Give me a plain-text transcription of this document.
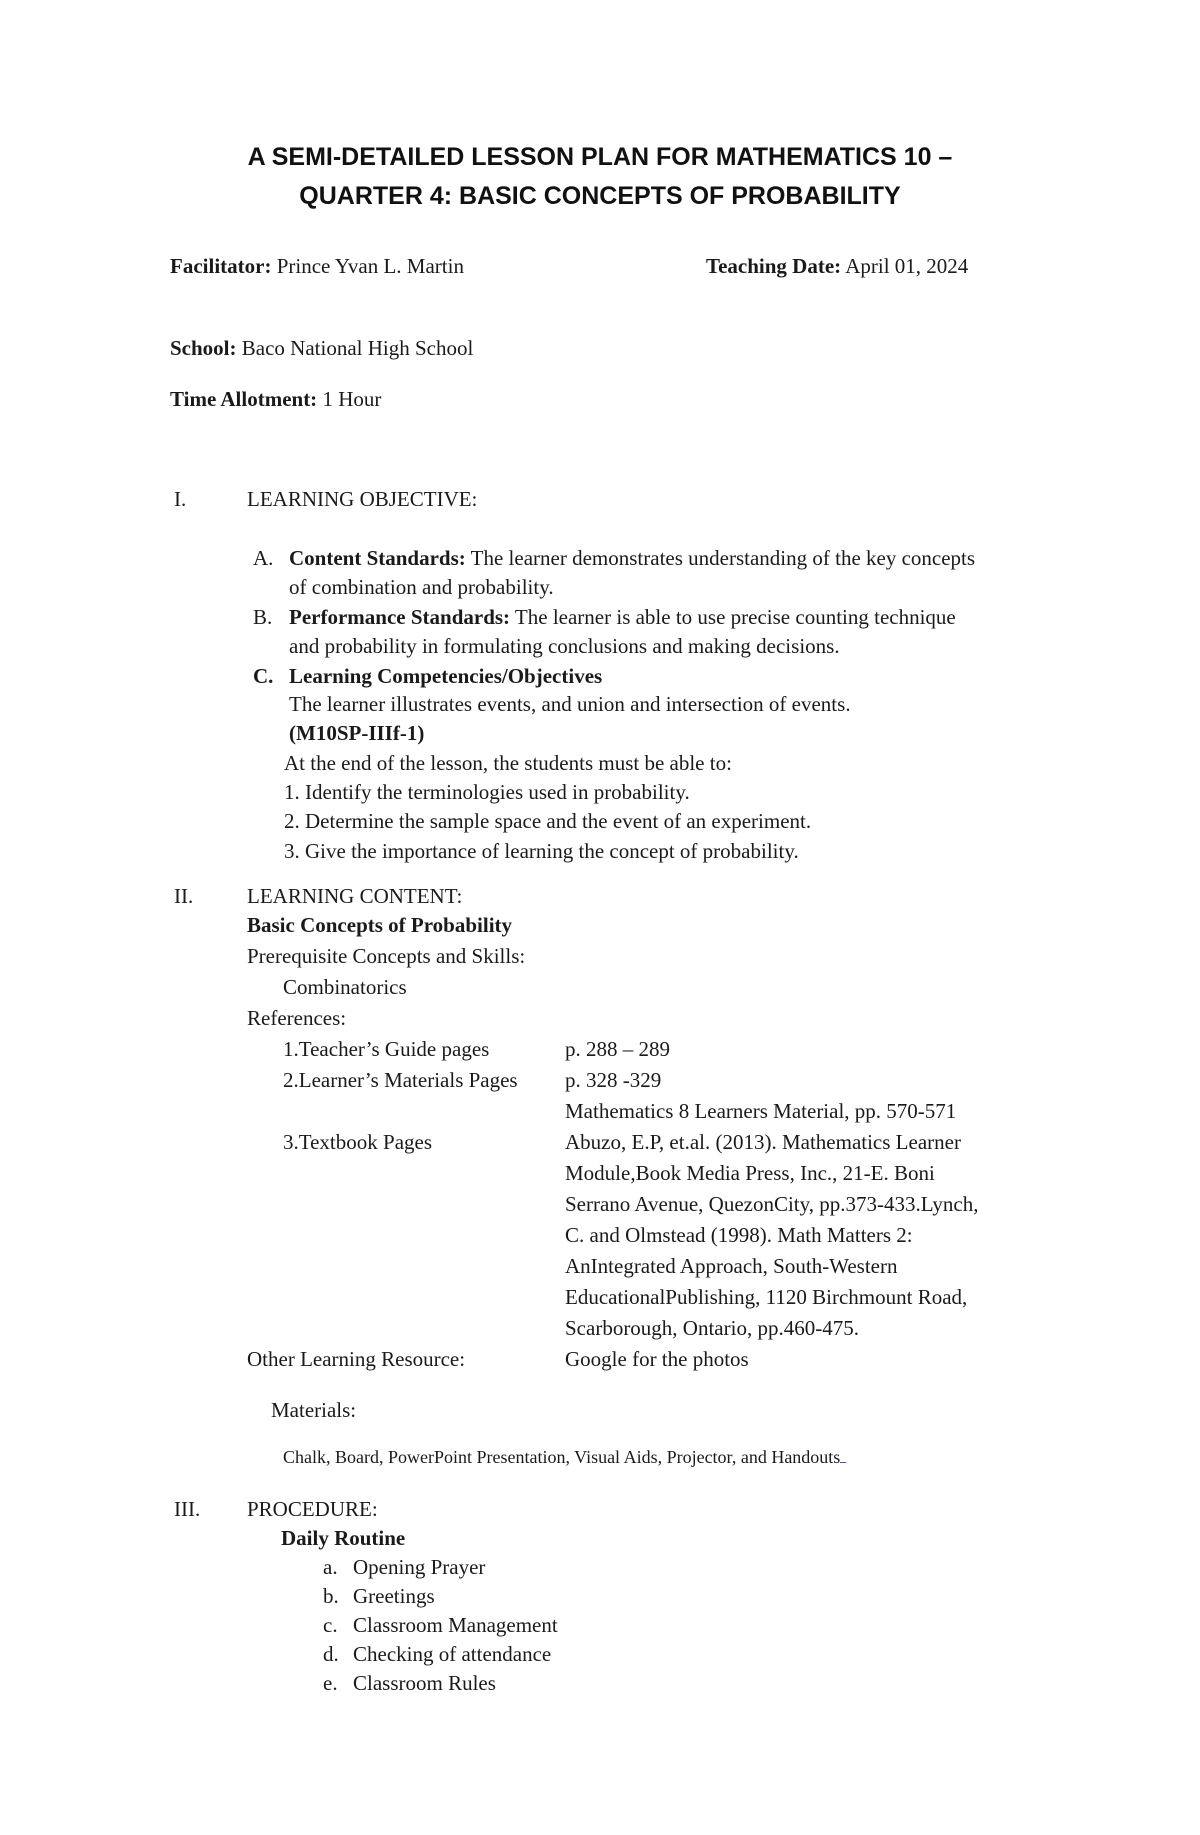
A SEMI-DETAILED LESSON PLAN FOR MATHEMATICS 10 –
QUARTER 4: BASIC CONCEPTS OF PROBABILITY
Facilitator: Prince Yvan L. Martin	Teaching Date: April 01, 2024
School: Baco National High School
Time Allotment: 1 Hour
I.	LEARNING OBJECTIVE:
A. Content Standards: The learner demonstrates understanding of the key concepts
of combination and probability.
B. Performance Standards: The learner is able to use precise counting technique
and probability in formulating conclusions and making decisions.
C. Learning Competencies/Objectives
The learner illustrates events, and union and intersection of events.
(M10SP-IIIf-1)
At the end of the lesson, the students must be able to:
1. Identify the terminologies used in probability.
2. Determine the sample space and the event of an experiment.
3. Give the importance of learning the concept of probability.
II.	LEARNING CONTENT:
Basic Concepts of Probability
Prerequisite Concepts and Skills:
Combinatorics
References:
1.Teacher’s Guide pages	p. 288 – 289
2.Learner’s Materials Pages p. 328 -329
Mathematics 8 Learners Material, pp. 570-571
3.Textbook Pages	Abuzo, E.P, et.al. (2013). Mathematics Learner
Module,Book Media Press, Inc., 21-E. Boni
Serrano Avenue, QuezonCity, pp.373-433.Lynch,
C. and Olmstead (1998). Math Matters 2:
AnIntegrated Approach, South-Western
EducationalPublishing, 1120 Birchmount Road,
Scarborough, Ontario, pp.460-475.
Other Learning Resource:	Google for the photos
Materials:
Chalk, Board, PowerPoint Presentation, Visual Aids, Projector, and Handouts
III. PROCEDURE:
Daily Routine
a. Opening Prayer
b. Greetings
c. Classroom Management
d. Checking of attendance
e. Classroom Rules
